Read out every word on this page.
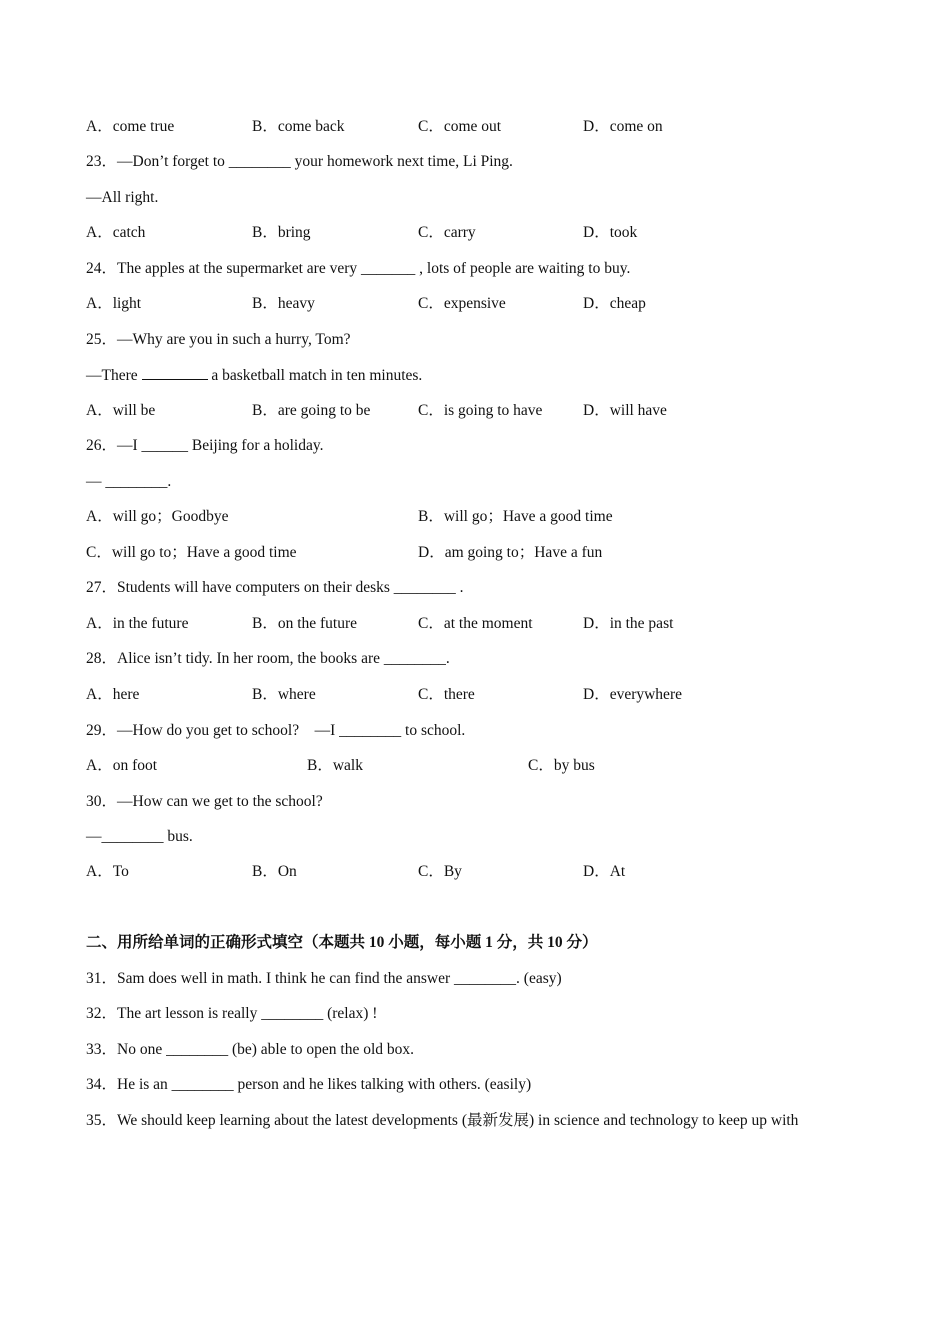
A．come true	B．come back	C．come out	D．come on
23．—Don’t forget to ________ your homework next time, Li Ping.
—All right.
A．catch	B．bring	C．carry	D．took
24．The apples at the supermarket are very _______ , lots of people are waiting to buy.
A．light	B．heavy	C．expensive	D．cheap
25．—Why are you in such a hurry, Tom?
—There	a basketball match in ten minutes.
A．will be	B．are going to be	C．is going to have	D．will have
26．—I ______ Beijing for a holiday.
— ________.
A．will go；Goodbye	B．will go；Have a good time
C．will go to；Have a good time	D．am going to；Have a fun
27．Students will have computers on their desks ________ .
A．in the future	B．on the future	C．at the moment	D．in the past
28．Alice isn’t tidy. In her room, the books are ________.
A．here	B．where	C．there	D．everywhere
29．—How do you get to school?    —I ________ to school.
A．on foot	B．walk	C．by bus
30．—How can we get to the school?
—________ bus.
A．To	B．On	C．By	D．At
二、用所给单词的正确形式填空（本题共 10 小题，每小题 1 分，共 10 分）
31．Sam does well in math. I think he can find the answer ________. (easy)
32．The art lesson is really ________ (relax) !
33．No one ________ (be) able to open the old box.
34．He is an ________ person and he likes talking with others. (easily)
35．We should keep learning about the latest developments (最新发展) in science and technology to keep up with
